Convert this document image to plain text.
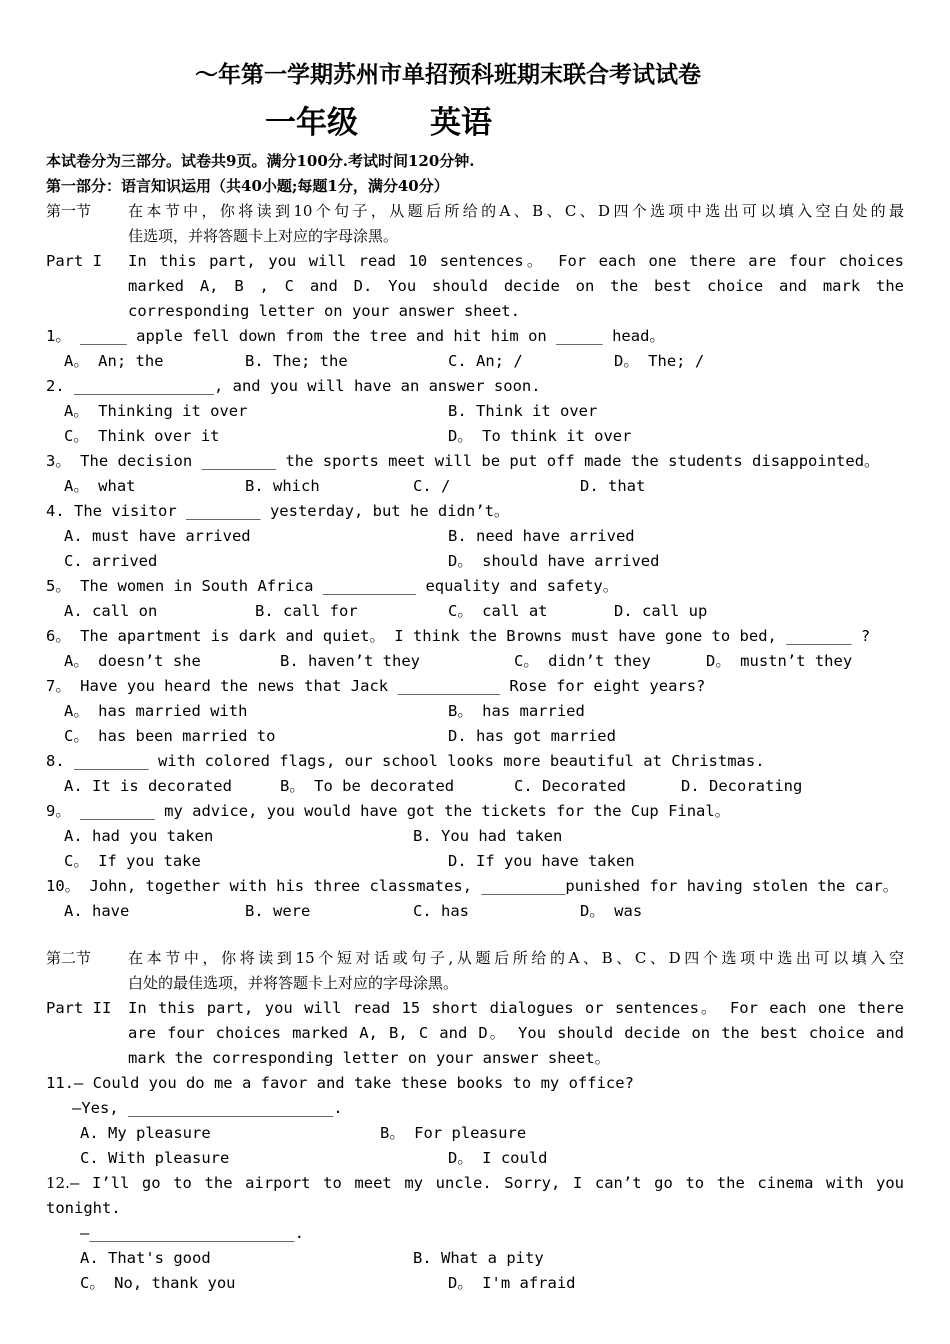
～年第一学期苏州市单招预科班期末联合考试试卷
一年级 英语
本试卷分为三部分。试卷共9页。满分100分.考试时间120分钟.
第一部分：语言知识运用（共40小题;每题1分，满分40分）
第一节 在本节中，你将读到10个句子，从题后所给的A、B、C、D四个选项中选出可以填入空白处的最
佳选项，并将答题卡上对应的字母涂黑。
Part I In this part, you will read 10 sentences。 For each one there are four choices
marked A, B , C and D. You should decide on the best choice and mark the
corresponding letter on your answer sheet.
1。 _____ apple fell down from the tree and hit him on _____ head。
A。 An; the	B. The; the	C. An; /	D。 The; /
2. _______________, and you will have an answer soon.
A。 Thinking it over	B. Think it over
C。 Think over it	D。 To think it over
3。 The decision ________ the sports meet will be put off made the students disappointed。
A。 what	B. which	C. /	D. that
4. The visitor ________ yesterday, but he didn’t。
A. must have arrived	B. need have arrived
C. arrived	D。 should have arrived
5。 The women in South Africa __________ equality and safety。
A. call on	B. call for	C。 call at	D. call up
6。 The apartment is dark and quiet。 I think the Browns must have gone to bed, _______ ?
A。 doesn’t she	B. haven’t they	C。 didn’t they	D。 mustn’t they
7。 Have you heard the news that Jack ___________ Rose for eight years?
A。 has married with	B。 has married
C。 has been married to	D. has got married
8. ________ with colored flags, our school looks more beautiful at Christmas.
A. It is decorated	B。 To be decorated	C. Decorated	D. Decorating
9。 ________ my advice, you would have got the tickets for the Cup Final。
A. had you taken	B. You had taken
C。 If you take	D. If you have taken
10。 John, together with his three classmates, _________punished for having stolen the car。
A. have	B. were	C. has	D。 was
第二节 在本节中，你将读到15个短对话或句子,从题后所给的A、B、C、D四个选项中选出可以填入空
白处的最佳选项，并将答题卡上对应的字母涂黑。
Part II In this part, you will read 15 short dialogues or sentences。 For each one there
are four choices marked A, B, C and D。 You should decide on the best choice and
mark the corresponding letter on your answer sheet。
11.— Could you do me a favor and take these books to my office?
—Yes, ______________________.
A. My pleasure	B。 For pleasure
C. With pleasure	D。 I could
12. — I’ll go to the airport to meet my uncle. Sorry, I can’t go to the cinema with you
tonight.
—______________________.
A. That's good	B. What a pity
C。 No, thank you	D。 I'm afraid
